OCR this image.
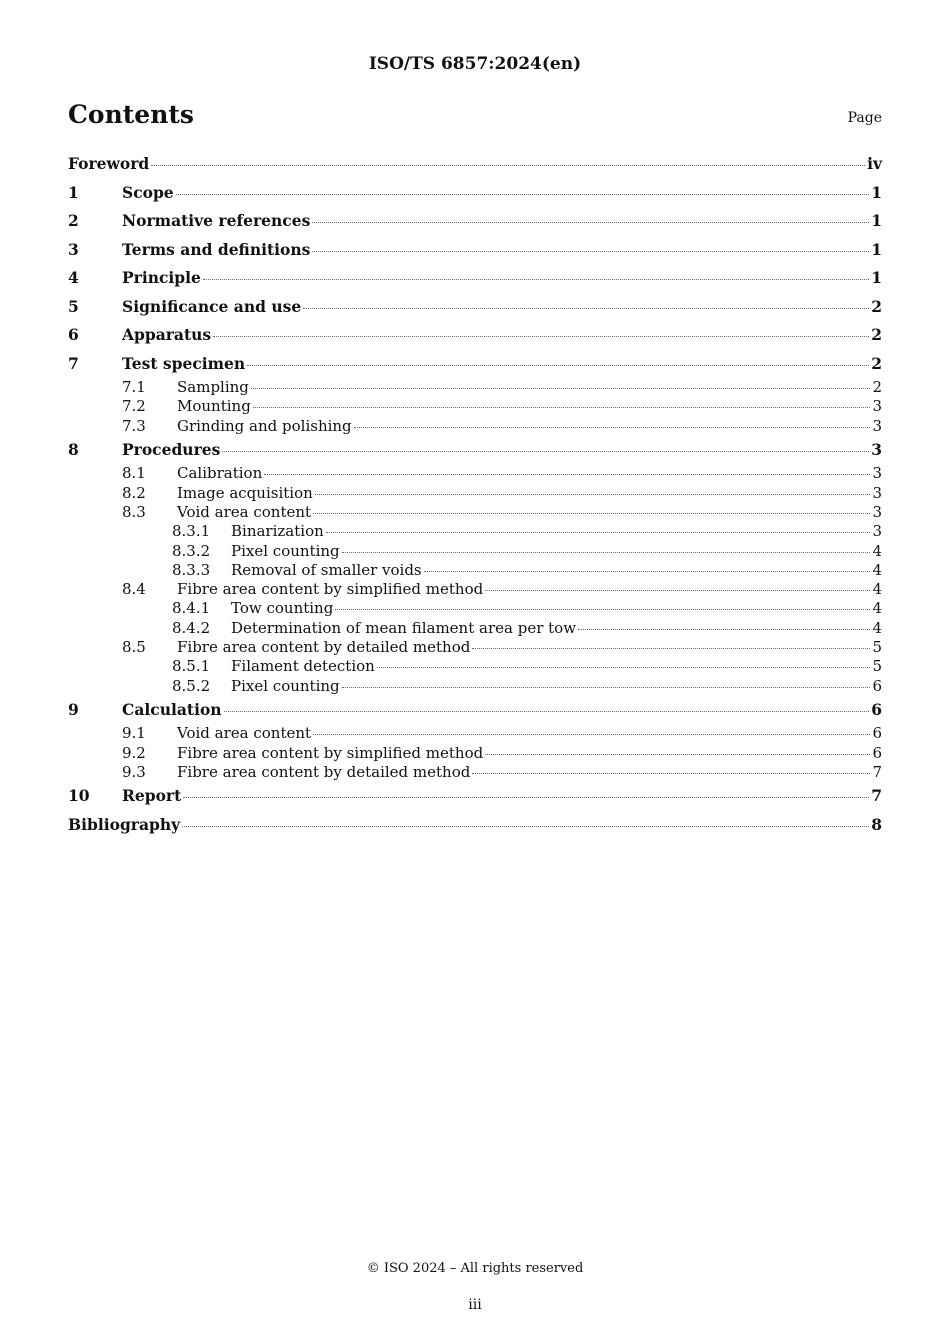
ISO/TS 6857:2024(en)
Contents	Page
Foreword	iv
1	Scope	1
2	Normative references	1
3	Terms and definitions	1
4	Principle	1
5	Significance and use	2
6	Apparatus	2
7	Test specimen	2
7.1	Sampling	2
7.2	Mounting	3
7.3	Grinding and polishing	3
8	Procedures	3
8.1	Calibration	3
8.2	Image acquisition	3
8.3	Void area content	3
8.3.1	Binarization	3
8.3.2	Pixel counting	4
8.3.3	Removal of smaller voids	4
8.4	Fibre area content by simplified method	4
8.4.1	Tow counting	4
8.4.2	Determination of mean filament area per tow	4
8.5	Fibre area content by detailed method	5
8.5.1	Filament detection	5
8.5.2	Pixel counting	6
9	Calculation	6
9.1	Void area content	6
9.2	Fibre area content by simplified method	6
9.3	Fibre area content by detailed method	7
10	Report	7
Bibliography	8
© ISO 2024 – All rights reserved
iii
